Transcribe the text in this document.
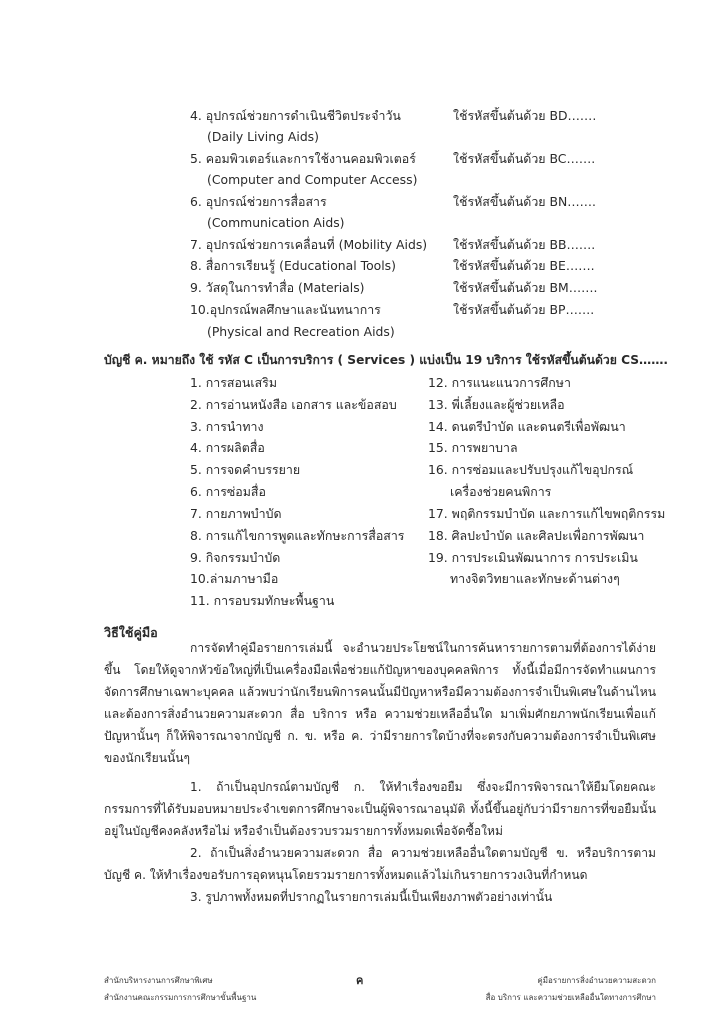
4. อุปกรณ์ช่วยการดำเนินชีวิตประจำวัน	ใช้รหัสขึ้นต้นด้วย BD…….
(Daily Living Aids)
5. คอมพิวเตอร์และการใช้งานคอมพิวเตอร์	ใช้รหัสขึ้นต้นด้วย BC…….
(Computer and Computer Access)
6. อุปกรณ์ช่วยการสื่อสาร	ใช้รหัสขึ้นต้นด้วย BN…….
(Communication Aids)
7. อุปกรณ์ช่วยการเคลื่อนที่ (Mobility Aids) ใช้รหัสขึ้นต้นด้วย BB…….
8. สื่อการเรียนรู้ (Educational Tools)	ใช้รหัสขึ้นต้นด้วย BE…….
9. วัสดุในการทำสื่อ (Materials)	ใช้รหัสขึ้นต้นด้วย BM…….
10.อุปกรณ์พลศึกษาและนันทนาการ	ใช้รหัสขึ้นต้นด้วย BP…….
(Physical and Recreation Aids)
บัญชี ค. หมายถึง ใช้ รหัส C เป็นการบริการ ( Services ) แบ่งเป็น 19 บริการ ใช้รหัสขึ้นต้นด้วย CS…….
1. การสอนเสริม
2. การอ่านหนังสือ เอกสาร และข้อสอบ
3. การนำทาง
4. การผลิตสื่อ
5. การจดคำบรรยาย
6. การซ่อมสื่อ
7. กายภาพบำบัด
8. การแก้ไขการพูดและทักษะการสื่อสาร
9. กิจกรรมบำบัด
10.ล่ามภาษามือ
11. การอบรมทักษะพื้นฐาน
12. การแนะแนวการศึกษา
13. พี่เลี้ยงและผู้ช่วยเหลือ
14. ดนตรีบำบัด และดนตรีเพื่อพัฒนา
15. การพยาบาล
16. การซ่อมและปรับปรุงแก้ไขอุปกรณ์
เครื่องช่วยคนพิการ
17. พฤติกรรมบำบัด และการแก้ไขพฤติกรรม
18. ศิลปะบำบัด และศิลปะเพื่อการพัฒนา
19. การประเมินพัฒนาการ การประเมิน
ทางจิตวิทยาและทักษะด้านต่างๆ
วิธีใช้คู่มือ
การจัดทำคู่มือรายการเล่มนี้ จะอำนวยประโยชน์ในการค้นหารายการตามที่ต้องการได้ง่ายขึ้น โดยให้ดูจากหัวข้อใหญ่ที่เป็นเครื่องมือเพื่อช่วยแก้ปัญหาของบุคคลพิการ ทั้งนี้เมื่อมีการจัดทำแผนการจัดการศึกษาเฉพาะบุคคล แล้วพบว่านักเรียนพิการคนนั้นมีปัญหาหรือมีความต้องการจำเป็นพิเศษในด้านไหน และต้องการสิ่งอำนวยความสะดวก สื่อ บริการ หรือ ความช่วยเหลืออื่นใด มาเพิ่มศักยภาพนักเรียนเพื่อแก้ปัญหานั้นๆ ก็ให้พิจารณาจากบัญชี ก. ข. หรือ ค. ว่ามีรายการใดบ้างที่จะตรงกับความต้องการจำเป็นพิเศษของนักเรียนนั้นๆ
1. ถ้าเป็นอุปกรณ์ตามบัญชี ก. ให้ทำเรื่องขอยืม ซึ่งจะมีการพิจารณาให้ยืมโดยคณะกรรมการที่ได้รับมอบหมายประจำเขตการศึกษาจะเป็นผู้พิจารณาอนุมัติ ทั้งนี้ขึ้นอยู่กับว่ามีรายการที่ขอยืมนั้นอยู่ในบัญชีคงคลังหรือไม่ หรือจำเป็นต้องรวบรวมรายการทั้งหมดเพื่อจัดซื้อใหม่
2. ถ้าเป็นสิ่งอำนวยความสะดวก สื่อ ความช่วยเหลืออื่นใดตามบัญชี ข. หรือบริการตามบัญชี ค. ให้ทำเรื่องขอรับการอุดหนุนโดยรวมรายการทั้งหมดแล้วไม่เกินรายการวงเงินที่กำหนด
3. รูปภาพทั้งหมดที่ปรากฏในรายการเล่มนี้เป็นเพียงภาพตัวอย่างเท่านั้น
สำนักบริหารงานการศึกษาพิเศษ
สำนักงานคณะกรรมการการศึกษาขั้นพื้นฐาน
ค	คู่มือรายการสิ่งอำนวยความสะดวก
สื่อ บริการ และความช่วยเหลืออื่นใดทางการศึกษา
